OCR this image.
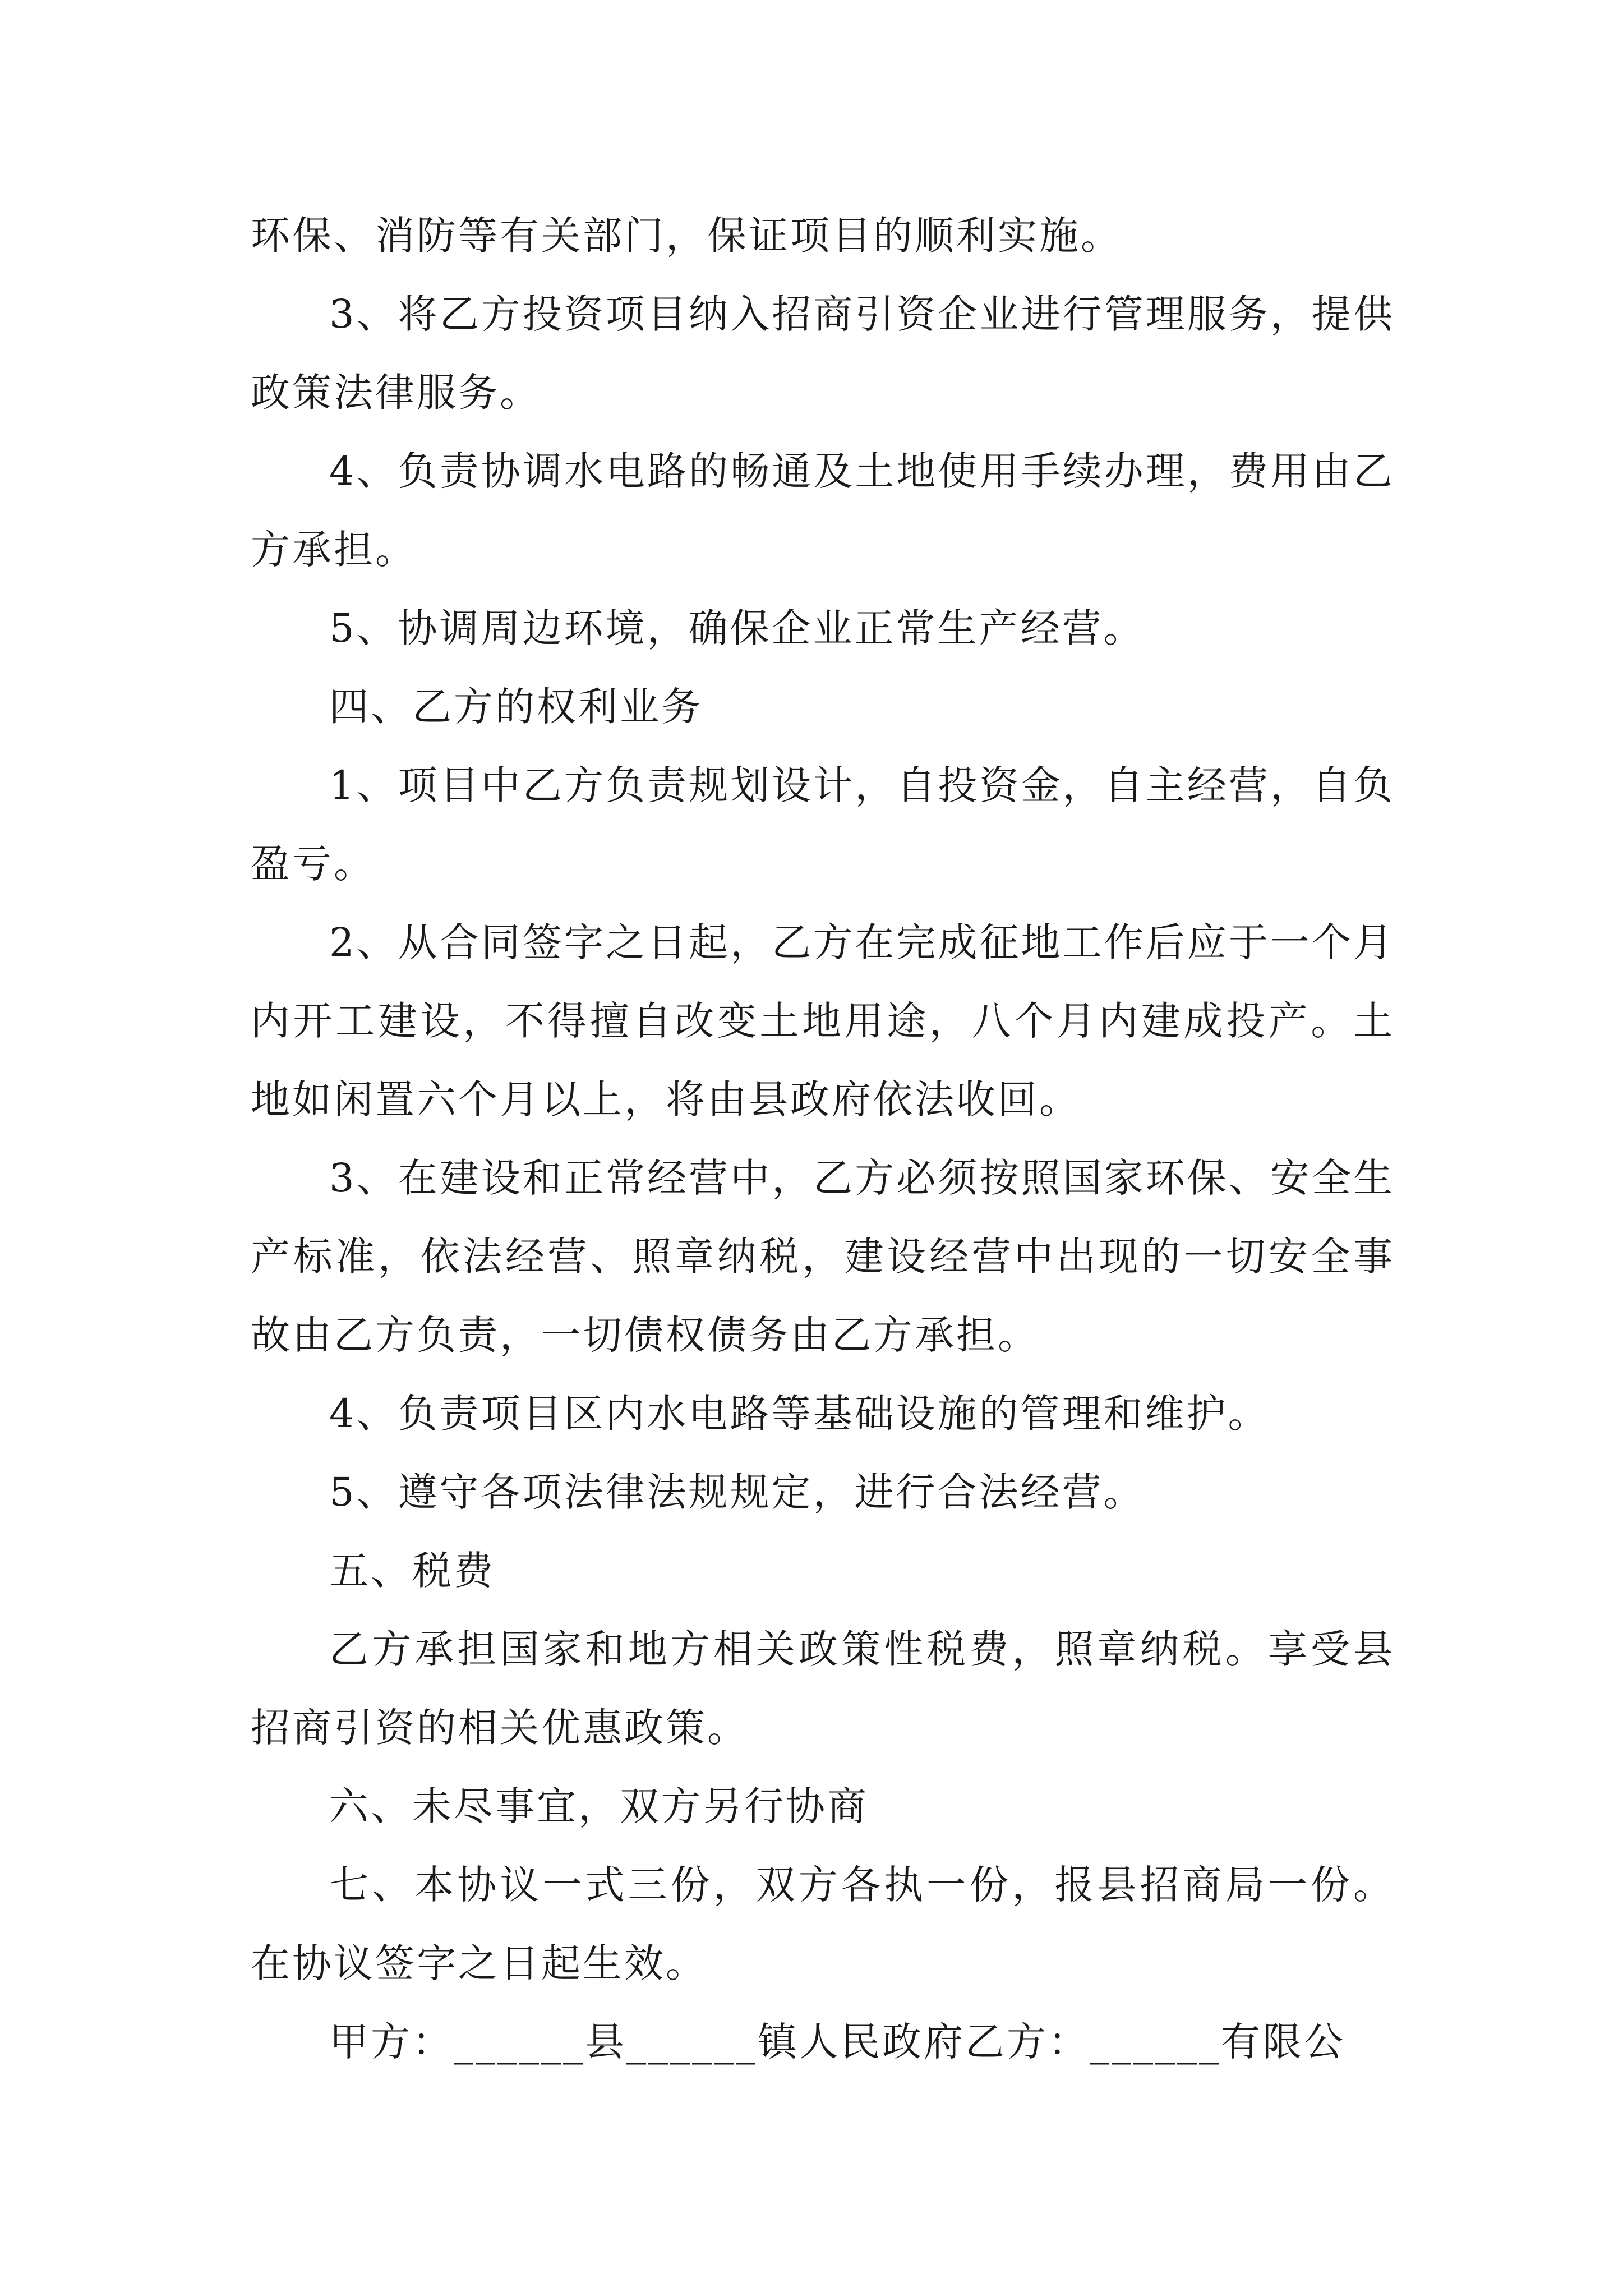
环保、消防等有关部门，保证项目的顺利实施。

3、将乙方投资项目纳入招商引资企业进行管理服务，提供政策法律服务。

4、负责协调水电路的畅通及土地使用手续办理，费用由乙方承担。

5、协调周边环境，确保企业正常生产经营。

四、乙方的权利业务

1、项目中乙方负责规划设计，自投资金，自主经营，自负盈亏。

2、从合同签字之日起，乙方在完成征地工作后应于一个月内开工建设，不得擅自改变土地用途，八个月内建成投产。土地如闲置六个月以上，将由县政府依法收回。

3、在建设和正常经营中，乙方必须按照国家环保、安全生产标准，依法经营、照章纳税，建设经营中出现的一切安全事故由乙方负责，一切债权债务由乙方承担。

4、负责项目区内水电路等基础设施的管理和维护。

5、遵守各项法律法规规定，进行合法经营。

五、税费

乙方承担国家和地方相关政策性税费，照章纳税。享受县招商引资的相关优惠政策。

六、未尽事宜，双方另行协商

七、本协议一式三份，双方各执一份，报县招商局一份。在协议签字之日起生效。

甲方：______县______镇人民政府乙方：______有限公
